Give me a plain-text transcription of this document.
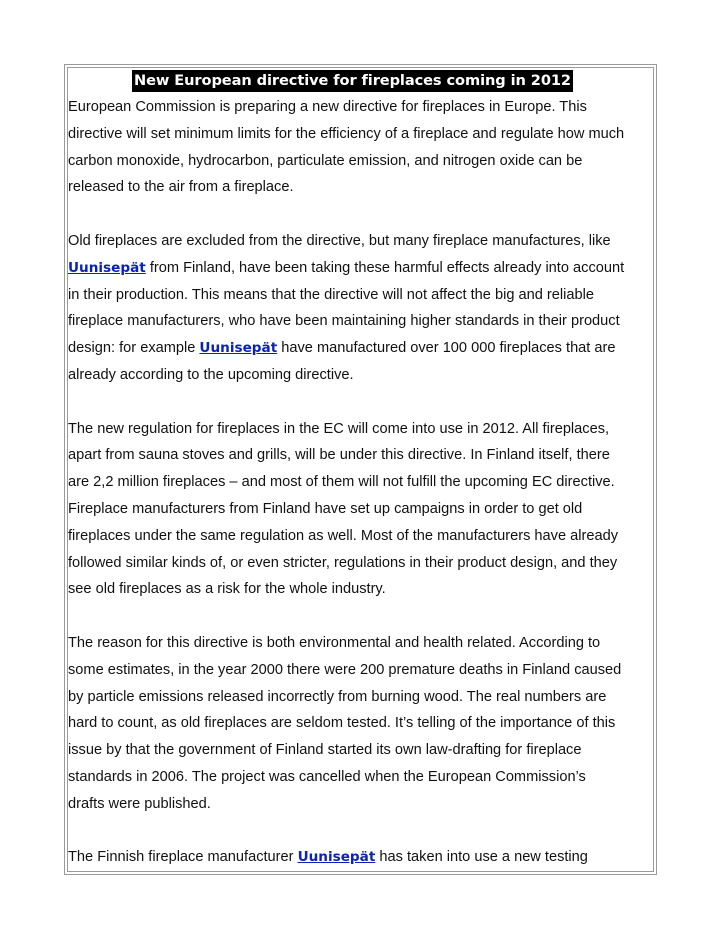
New European directive for fireplaces coming in 2012

European Commission is preparing a new directive for fireplaces in Europe. This

directive will set minimum limits for the efficiency of a fireplace and regulate how much

carbon monoxide, hydrocarbon, particulate emission, and nitrogen oxide can be

released to the air from a fireplace.

Old fireplaces are excluded from the directive, but many fireplace manufactures, like

Uunisepät from Finland, have been taking these harmful effects already into account

in their production. This means that the directive will not affect the big and reliable

fireplace manufacturers, who have been maintaining higher standards in their product

design: for example Uunisepät have manufactured over 100 000 fireplaces that are

already according to the upcoming directive.

The new regulation for fireplaces in the EC will come into use in 2012. All fireplaces,

apart from sauna stoves and grills, will be under this directive. In Finland itself, there

are 2,2 million fireplaces – and most of them will not fulfill the upcoming EC directive.

Fireplace manufacturers from Finland have set up campaigns in order to get old

fireplaces under the same regulation as well. Most of the manufacturers have already

followed similar kinds of, or even stricter, regulations in their product design, and they

see old fireplaces as a risk for the whole industry.

The reason for this directive is both environmental and health related. According to

some estimates, in the year 2000 there were 200 premature deaths in Finland caused

by particle emissions released incorrectly from burning wood. The real numbers are

hard to count, as old fireplaces are seldom tested. It’s telling of the importance of this

issue by that the government of Finland started its own law-drafting for fireplace

standards in 2006. The project was cancelled when the European Commission’s

drafts were published.

The Finnish fireplace manufacturer Uunisepät has taken into use a new testing
